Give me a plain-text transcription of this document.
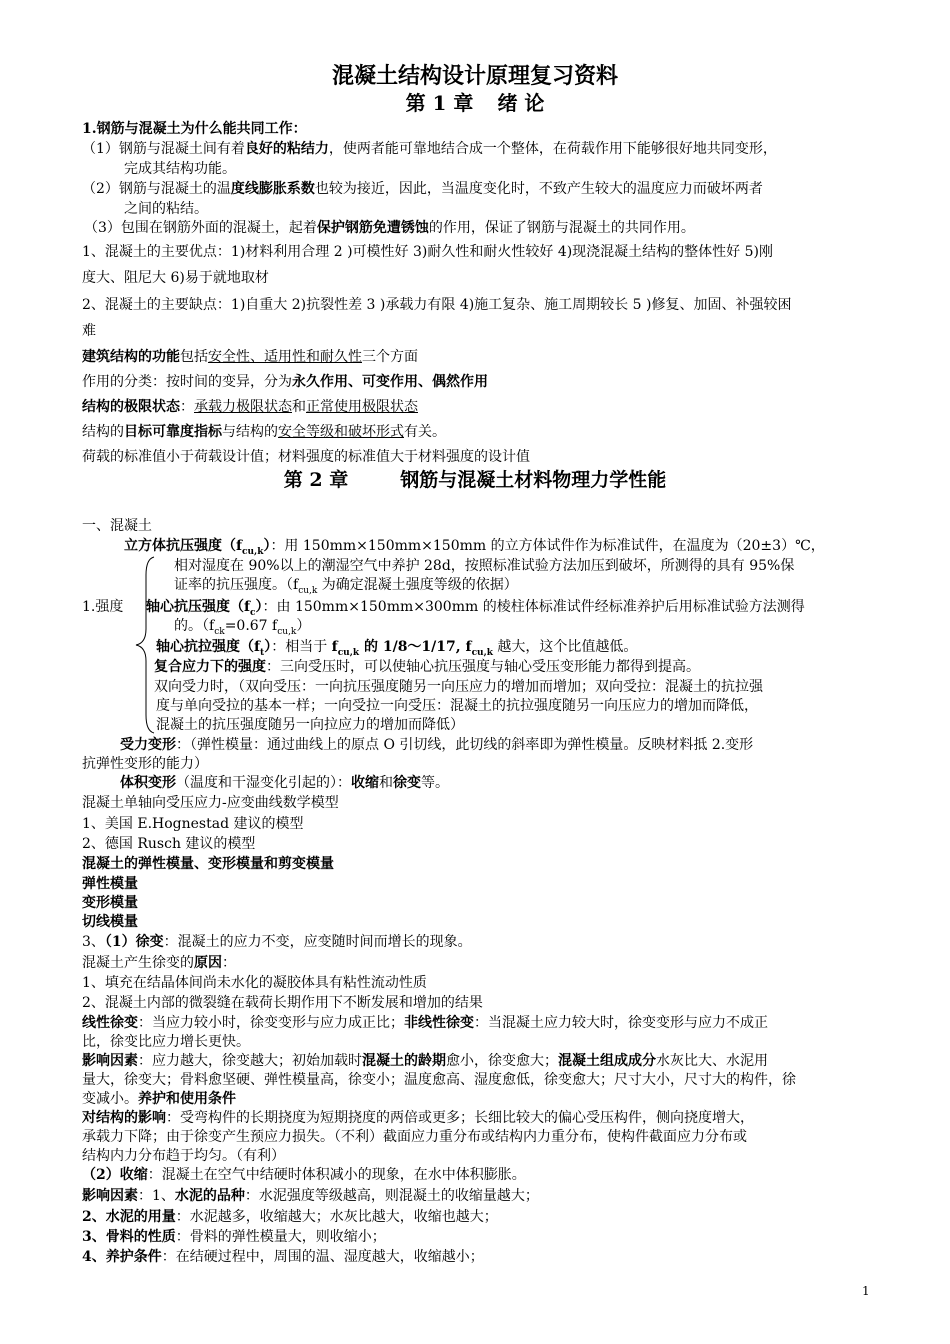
混凝土结构设计原理复习资料
第 1 章 绪 论
1.钢筋与混凝土为什么能共同工作：
（1）钢筋与混凝土间有着良好的粘结力，使两者能可靠地结合成一个整体，在荷载作用下能够很好地共同变形，
完成其结构功能。
（2）钢筋与混凝土的温度线膨胀系数也较为接近，因此，当温度变化时，不致产生较大的温度应力而破坏两者
之间的粘结。
（3）包围在钢筋外面的混凝土，起着保护钢筋免遭锈蚀的作用，保证了钢筋与混凝土的共同作用。
1、混凝土的主要优点：1)材料利用合理 2 )可模性好 3)耐久性和耐火性较好 4)现浇混凝土结构的整体性好 5)刚
度大、阻尼大 6)易于就地取材
2、混凝土的主要缺点：1)自重大 2)抗裂性差 3 )承载力有限 4)施工复杂、施工周期较长 5 )修复、加固、补强较困
难
建筑结构的功能包括安全性、适用性和耐久性三个方面
作用的分类：按时间的变异，分为永久作用、可变作用、偶然作用
结构的极限状态：承载力极限状态和正常使用极限状态
结构的目标可靠度指标与结构的安全等级和破坏形式有关。
荷载的标准值小于荷载设计值；材料强度的标准值大于材料强度的设计值
第 2 章	钢筋与混凝土材料物理力学性能
一、混凝土
立方体抗压强度$(f_{cu,k})$：用 150mm×150mm×150mm 的立方体试件作为标准试件，在温度为（20±3）℃，
相对湿度在 90%以上的潮湿空气中养护 28d，按照标准试验方法加压到破坏，所测得的具有 95%保
证率的抗压强度。（$f_{cu,k}$ 为确定混凝土强度等级的依据）
1.强度 轴心抗压强度$(f_c)$：由 150mm×150mm×300mm 的棱柱体标准试件经标准养护后用标准试验方法测得
的。（$f_{ck}=0.67$ $f_{cu,k}$）
轴心抗拉强度$(f_t)$：相当于 $f_{cu,k}$ 的 1/8～1/17, $f_{cu,k}$ 越大，这个比值越低。
复合应力下的强度：三向受压时，可以使轴心抗压强度与轴心受压变形能力都得到提高。
双向受力时，（双向受压：一向抗压强度随另一向压应力的增加而增加；双向受拉：混凝土的抗拉强
度与单向受拉的基本一样；一向受拉一向受压：混凝土的抗拉强度随另一向压应力的增加而降低，
混凝土的抗压强度随另一向拉应力的增加而降低）
受力变形：（弹性模量：通过曲线上的原点 O 引切线，此切线的斜率即为弹性模量。反映材料抵 2.变形
抗弹性变形的能力）
体积变形（温度和干湿变化引起的）：收缩和徐变等。
混凝土单轴向受压应力-应变曲线数学模型
1、美国 E.Hognestad 建议的模型
2、德国 Rusch 建议的模型
混凝土的弹性模量、变形模量和剪变模量
弹性模量
变形模量
切线模量
3、（1）徐变：混凝土的应力不变，应变随时间而增长的现象。
混凝土产生徐变的原因：
1、填充在结晶体间尚未水化的凝胶体具有粘性流动性质
2、混凝土内部的微裂缝在载荷长期作用下不断发展和增加的结果
线性徐变：当应力较小时，徐变变形与应力成正比；非线性徐变：当混凝土应力较大时，徐变变形与应力不成正
比，徐变比应力增长更快。
影响因素：应力越大，徐变越大；初始加载时混凝土的龄期愈小，徐变愈大；混凝土组成成分水灰比大、水泥用
量大，徐变大；骨料愈坚硬、弹性模量高，徐变小；温度愈高、湿度愈低，徐变愈大；尺寸大小，尺寸大的构件，徐
变减小。养护和使用条件
对结构的影响：受弯构件的长期挠度为短期挠度的两倍或更多；长细比较大的偏心受压构件，侧向挠度增大，
承载力下降；由于徐变产生预应力损失。（不利）截面应力重分布或结构内力重分布，使构件截面应力分布或
结构内力分布趋于均匀。（有利）
（2）收缩：混凝土在空气中结硬时体积减小的现象，在水中体积膨胀。
影响因素：1、水泥的品种：水泥强度等级越高，则混凝土的收缩量越大；
2、水泥的用量：水泥越多，收缩越大；水灰比越大，收缩也越大；
3、骨料的性质：骨料的弹性模量大，则收缩小；
4、养护条件：在结硬过程中，周围的温、湿度越大，收缩越小；
1
